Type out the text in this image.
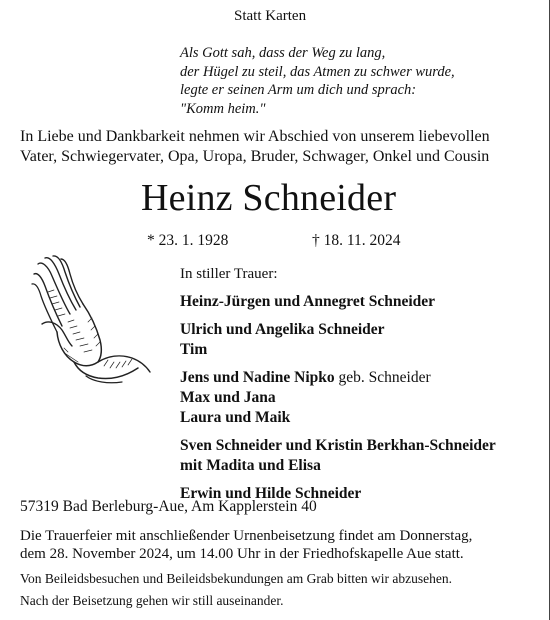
Statt Karten
Als Gott sah, dass der Weg zu lang,
der Hügel zu steil, das Atmen zu schwer wurde,
legte er seinen Arm um dich und sprach:
"Komm heim."
In Liebe und Dankbarkeit nehmen wir Abschied von unserem liebevollen
Vater, Schwiegervater, Opa, Uropa, Bruder, Schwager, Onkel und Cousin
Heinz Schneider
* 23. 1. 1928	† 18. 11. 2024
In stiller Trauer:
Heinz-Jürgen und Annegret Schneider
Ulrich und Angelika Schneider
Tim
Jens und Nadine Nipko geb. Schneider
Max und Jana
Laura und Maik
Sven Schneider und Kristin Berkhan-Schneider
mit Madita und Elisa
Erwin und Hilde Schneider
57319 Bad Berleburg-Aue, Am Kapplerstein 40
Die Trauerfeier mit anschließender Urnenbeisetzung findet am Donnerstag,
dem 28. November 2024, um 14.00 Uhr in der Friedhofskapelle Aue statt.
Von Beileidsbesuchen und Beileidsbekundungen am Grab bitten wir abzusehen.
Nach der Beisetzung gehen wir still auseinander.
